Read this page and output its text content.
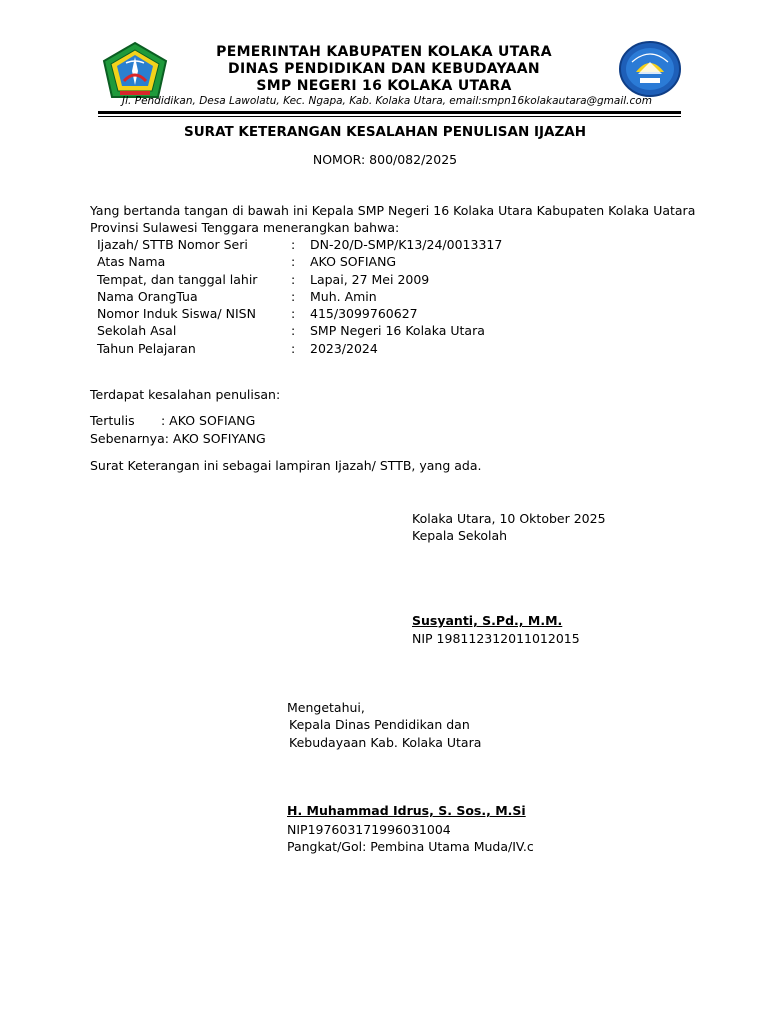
PEMERINTAH KABUPATEN KOLAKA UTARA
DINAS PENDIDIKAN DAN KEBUDAYAAN
SMP NEGERI 16 KOLAKA UTARA
Jl. Pendidikan, Desa Lawolatu, Kec. Ngapa, Kab. Kolaka Utara, email:smpn16kolakautara@gmail.com
SURAT KETERANGAN KESALAHAN PENULISAN IJAZAH
NOMOR: 800/082/2025
Yang bertanda tangan di bawah ini Kepala SMP Negeri 16 Kolaka Utara Kabupaten Kolaka Uatara
Provinsi Sulawesi Tenggara menerangkan bahwa:
Ijazah/ STTB Nomor Seri	: DN-20/D-SMP/K13/24/0013317
Atas Nama	: AKO SOFIANG
Tempat, dan tanggal lahir	: Lapai, 27 Mei 2009
Nama OrangTua	: Muh. Amin
Nomor Induk Siswa/ NISN	: 415/3099760627
Sekolah Asal	: SMP Negeri 16 Kolaka Utara
Tahun Pelajaran	: 2023/2024
Terdapat kesalahan penulisan:
Tertulis : AKO SOFIANG
Sebenarnya: AKO SOFIYANG
Surat Keterangan ini sebagai lampiran Ijazah/ STTB, yang ada.
Kolaka Utara, 10 Oktober 2025
Kepala Sekolah
Susyanti, S.Pd., M.M.
NIP 198112312011012015
Mengetahui,
Kepala Dinas Pendidikan dan
Kebudayaan Kab. Kolaka Utara
H. Muhammad Idrus, S. Sos., M.Si
NIP197603171996031004
Pangkat/Gol: Pembina Utama Muda/IV.c
